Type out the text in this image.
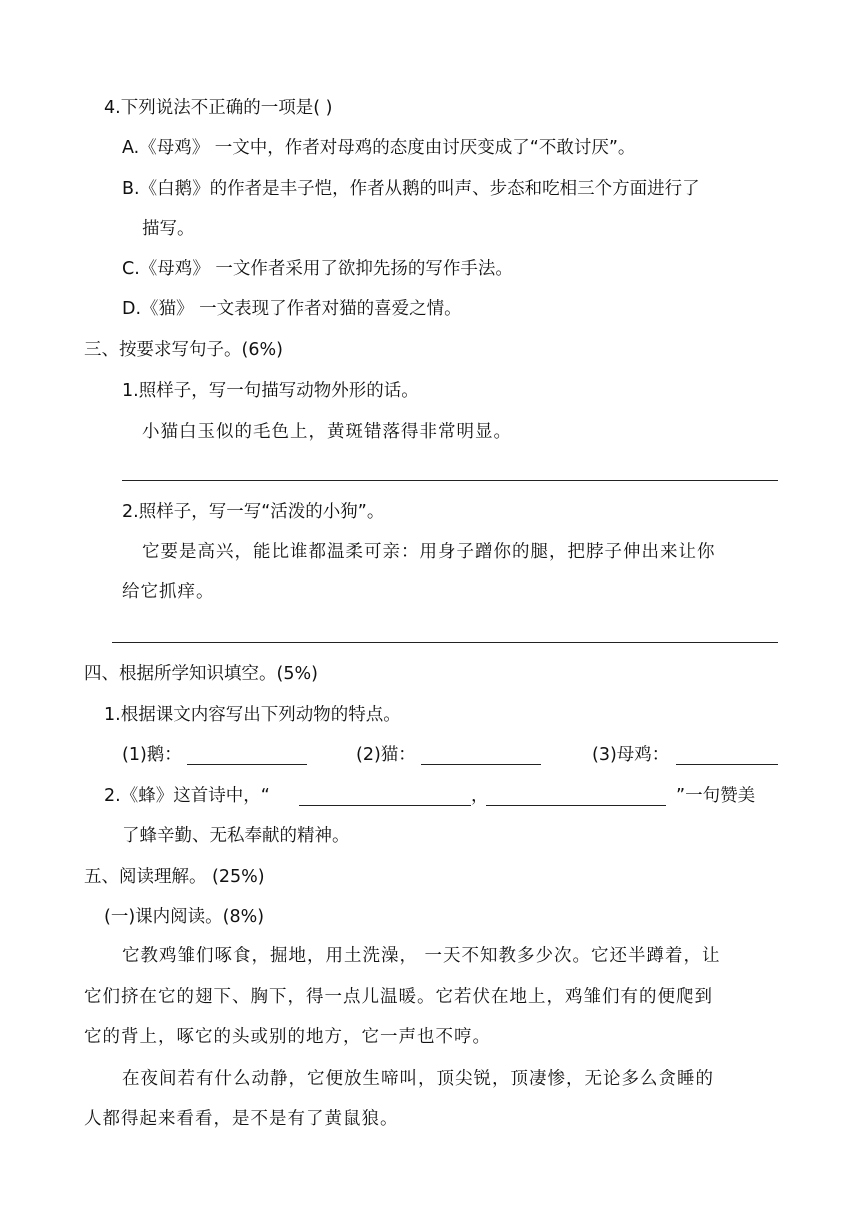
4.下列说法不正确的一项是( )
A.《母鸡》 一文中，作者对母鸡的态度由讨厌变成了“不敢讨厌”。
B.《白鹅》的作者是丰子恺，作者从鹅的叫声、步态和吃相三个方面进行了
描写。
C.《母鸡》 一文作者采用了欲抑先扬的写作手法。
D.《猫》 一文表现了作者对猫的喜爱之情。
三、按要求写句子。(6%)
1.照样子，写一句描写动物外形的话。
小猫白玉似的毛色上，黄斑错落得非常明显。
2.照样子，写一写“活泼的小狗”。
它要是高兴，能比谁都温柔可亲：用身子蹭你的腿，把脖子伸出来让你
给它抓痒。
四、根据所学知识填空。(5%)
1.根据课文内容写出下列动物的特点。
(1)鹅：	(2)猫：	(3)母鸡：
2.《蜂》这首诗中，“	，	”一句赞美
了蜂辛勤、无私奉献的精神。
五、阅读理解。 (25%)
(一)课内阅读。(8%)
它教鸡雏们啄食，掘地，用土洗澡， 一天不知教多少次。它还半蹲着，让
它们挤在它的翅下、胸下，得一点儿温暖。它若伏在地上，鸡雏们有的便爬到
它的背上，啄它的头或别的地方，它一声也不哼。
在夜间若有什么动静，它便放生啼叫，顶尖锐，顶凄惨，无论多么贪睡的
人都得起来看看，是不是有了黄鼠狼。
